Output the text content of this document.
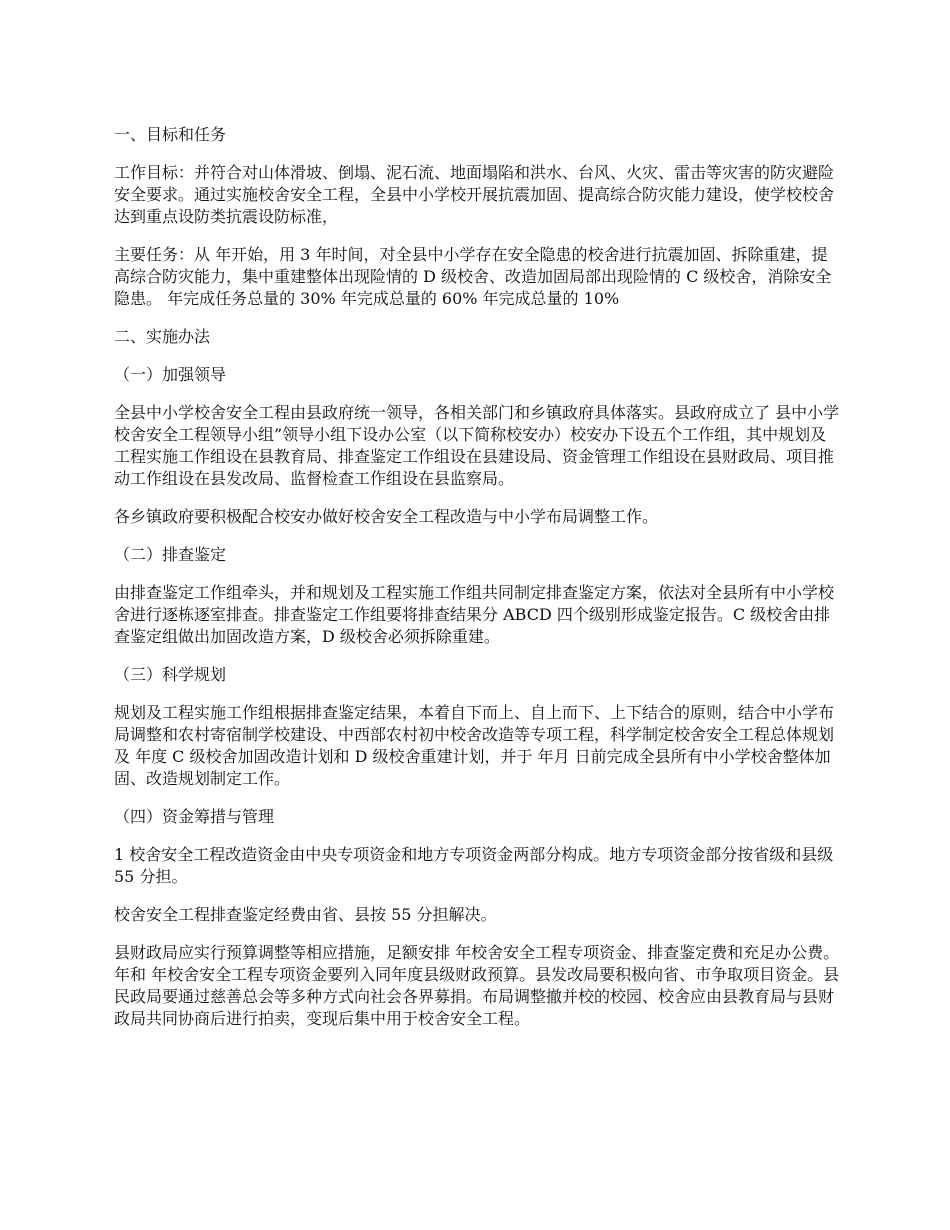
一、目标和任务

工作目标：并符合对山体滑坡、倒塌、泥石流、地面塌陷和洪水、台风、火灾、雷击等灾害的防灾避险安全要求。通过实施校舍安全工程，全县中小学校开展抗震加固、提高综合防灾能力建设，使学校校舍达到重点设防类抗震设防标准，

主要任务：从 年开始，用 3 年时间，对全县中小学存在安全隐患的校舍进行抗震加固、拆除重建，提高综合防灾能力，集中重建整体出现险情的 D 级校舍、改造加固局部出现险情的 C 级校舍，消除安全隐患。 年完成任务总量的 30% 年完成总量的 60% 年完成总量的 10%

二、实施办法

（一）加强领导

全县中小学校舍安全工程由县政府统一领导，各相关部门和乡镇政府具体落实。县政府成立了 县中小学校舍安全工程领导小组”领导小组下设办公室（以下简称校安办）校安办下设五个工作组，其中规划及工程实施工作组设在县教育局、排查鉴定工作组设在县建设局、资金管理工作组设在县财政局、项目推动工作组设在县发改局、监督检查工作组设在县监察局。

各乡镇政府要积极配合校安办做好校舍安全工程改造与中小学布局调整工作。

（二）排查鉴定

由排查鉴定工作组牵头，并和规划及工程实施工作组共同制定排查鉴定方案，依法对全县所有中小学校舍进行逐栋逐室排查。排查鉴定工作组要将排查结果分 ABCD 四个级别形成鉴定报告。C 级校舍由排查鉴定组做出加固改造方案，D 级校舍必须拆除重建。

（三）科学规划

规划及工程实施工作组根据排查鉴定结果，本着自下而上、自上而下、上下结合的原则，结合中小学布局调整和农村寄宿制学校建设、中西部农村初中校舍改造等专项工程，科学制定校舍安全工程总体规划及 年度 C 级校舍加固改造计划和 D 级校舍重建计划，并于 年月 日前完成全县所有中小学校舍整体加固、改造规划制定工作。

（四）资金筹措与管理

1 校舍安全工程改造资金由中央专项资金和地方专项资金两部分构成。地方专项资金部分按省级和县级 55 分担。

校舍安全工程排查鉴定经费由省、县按 55 分担解决。

县财政局应实行预算调整等相应措施，足额安排 年校舍安全工程专项资金、排查鉴定费和充足办公费。 年和 年校舍安全工程专项资金要列入同年度县级财政预算。县发改局要积极向省、市争取项目资金。县民政局要通过慈善总会等多种方式向社会各界募捐。布局调整撤并校的校园、校舍应由县教育局与县财政局共同协商后进行拍卖，变现后集中用于校舍安全工程。
